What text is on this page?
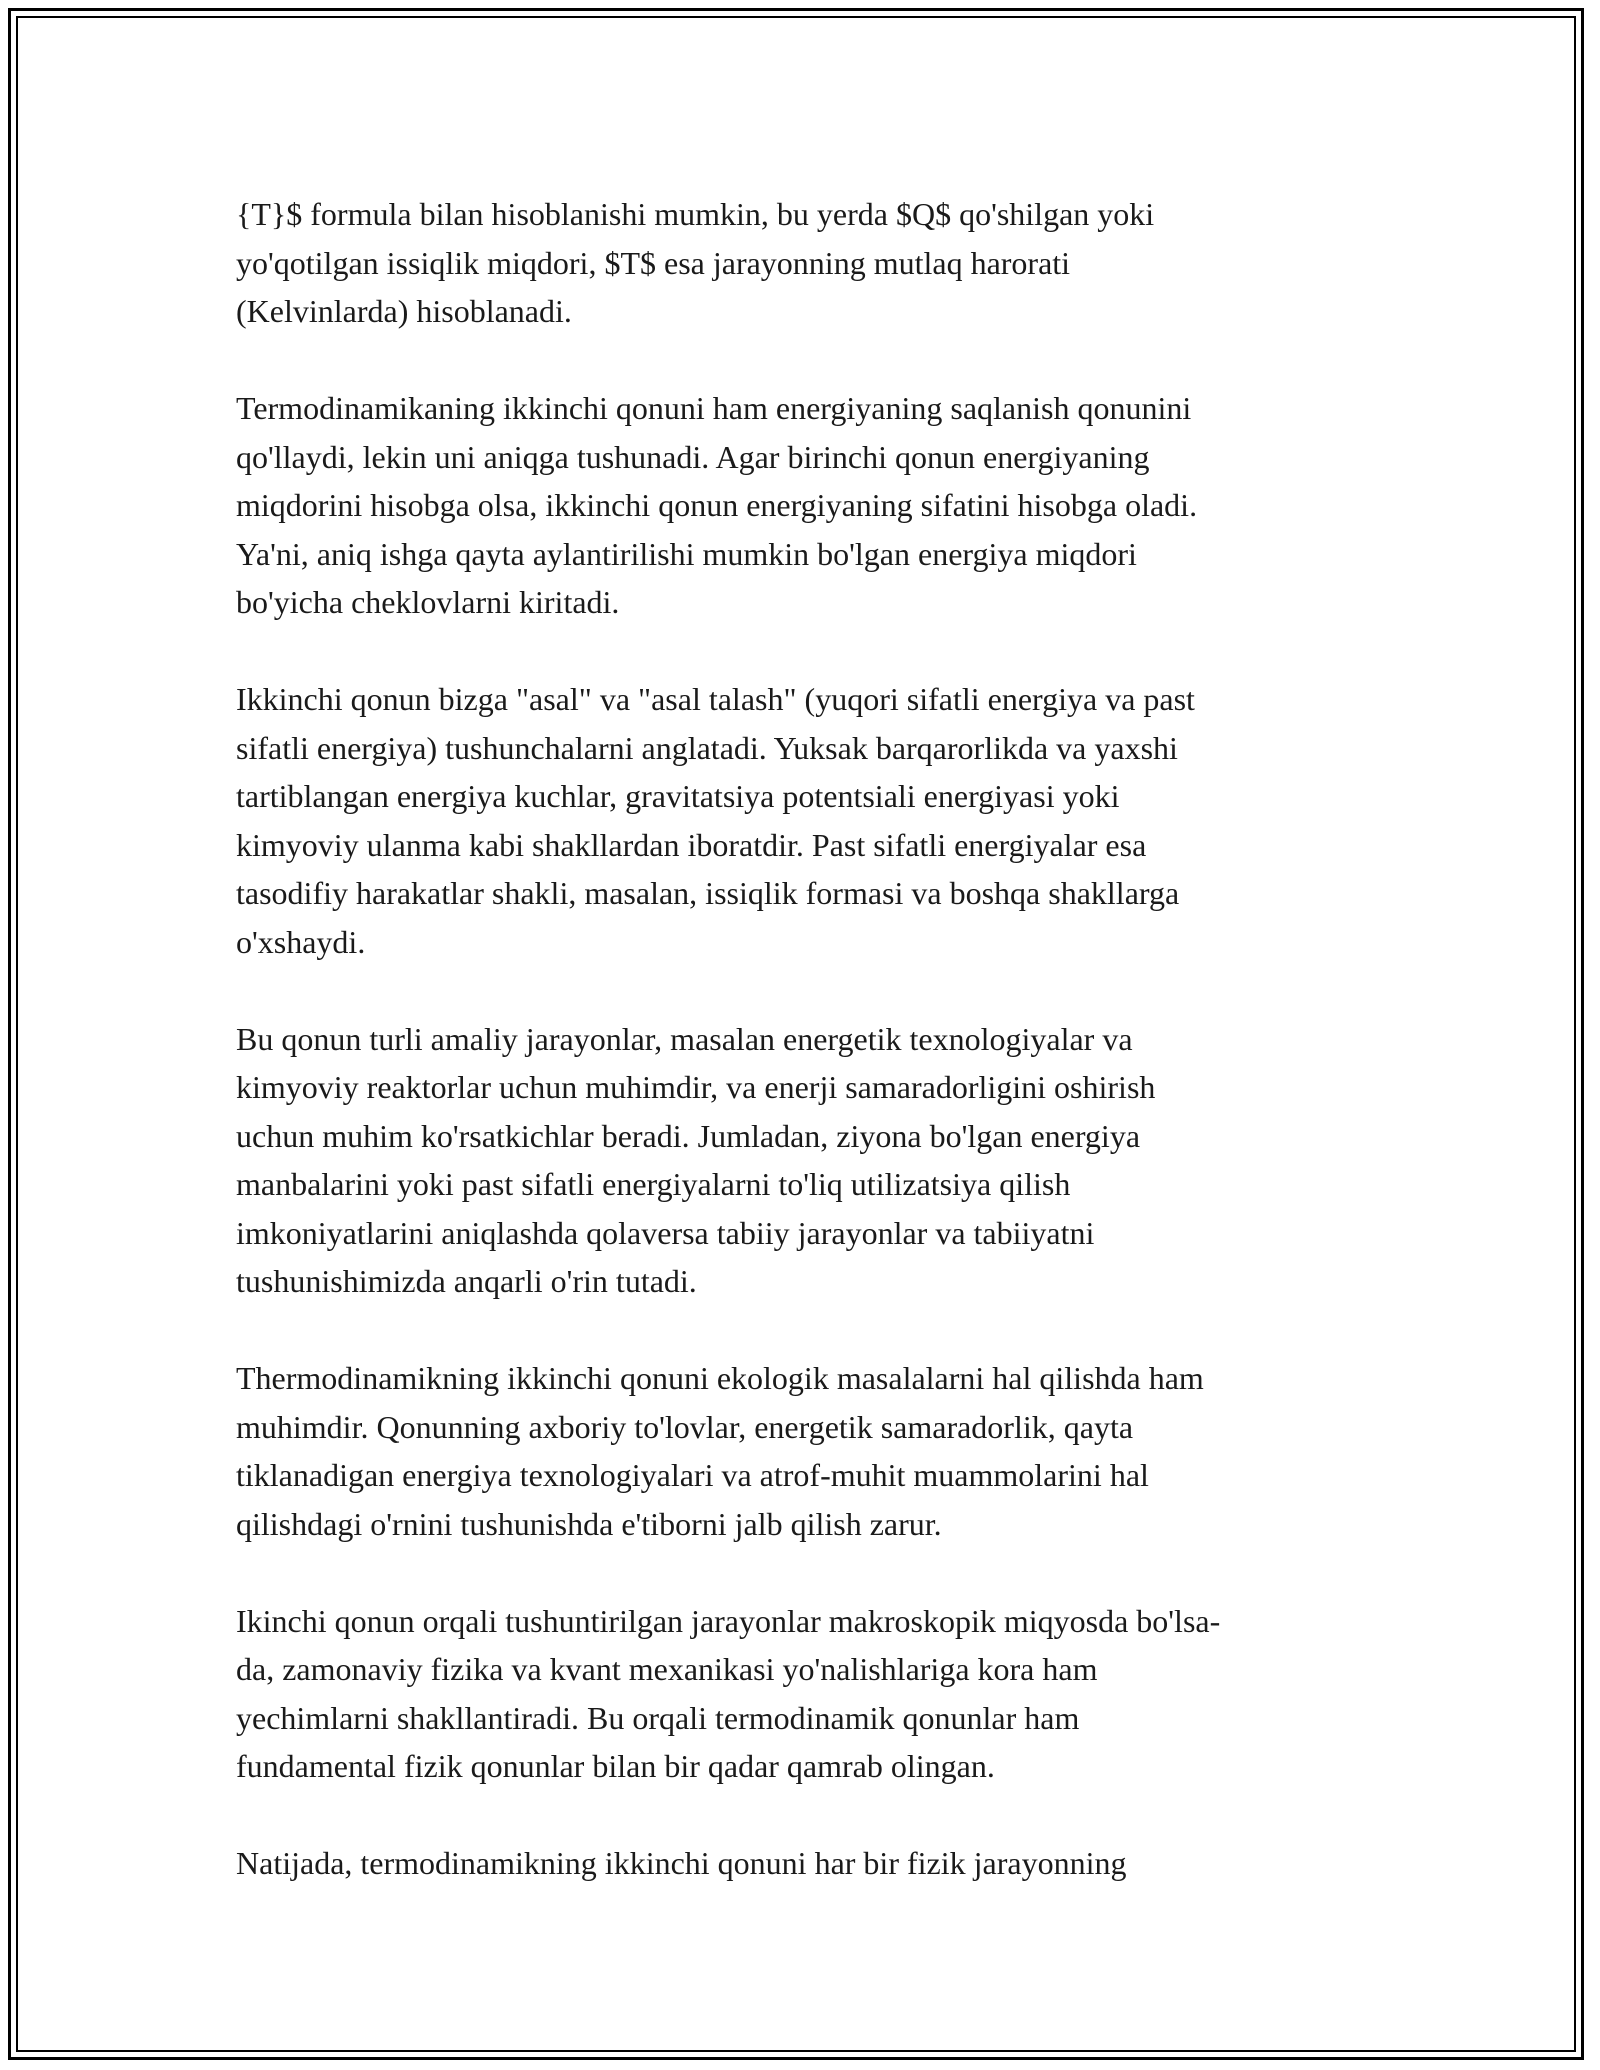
{T}$ formula bilan hisoblanishi mumkin, bu yerda $Q$ qo'shilgan yoki
yo'qotilgan issiqlik miqdori, $T$ esa jarayonning mutlaq harorati
(Kelvinlarda) hisoblanadi.

Termodinamikaning ikkinchi qonuni ham energiyaning saqlanish qonunini
qo'llaydi, lekin uni aniqga tushunadi. Agar birinchi qonun energiyaning
miqdorini hisobga olsa, ikkinchi qonun energiyaning sifatini hisobga oladi.
Ya'ni, aniq ishga qayta aylantirilishi mumkin bo'lgan energiya miqdori
bo'yicha cheklovlarni kiritadi.

Ikkinchi qonun bizga "asal" va "asal talash" (yuqori sifatli energiya va past
sifatli energiya) tushunchalarni anglatadi. Yuksak barqarorlikda va yaxshi
tartiblangan energiya kuchlar, gravitatsiya potentsiali energiyasi yoki
kimyoviy ulanma kabi shakllardan iboratdir. Past sifatli energiyalar esa
tasodifiy harakatlar shakli, masalan, issiqlik formasi va boshqa shakllarga
o'xshaydi.

Bu qonun turli amaliy jarayonlar, masalan energetik texnologiyalar va
kimyoviy reaktorlar uchun muhimdir, va enerji samaradorligini oshirish
uchun muhim ko'rsatkichlar beradi. Jumladan, ziyona bo'lgan energiya
manbalarini yoki past sifatli energiyalarni to'liq utilizatsiya qilish
imkoniyatlarini aniqlashda qolaversa tabiiy jarayonlar va tabiiyatni
tushunishimizda anqarli o'rin tutadi.

Thermodinamikning ikkinchi qonuni ekologik masalalarni hal qilishda ham
muhimdir. Qonunning axboriy to'lovlar, energetik samaradorlik, qayta
tiklanadigan energiya texnologiyalari va atrof-muhit muammolarini hal
qilishdagi o'rnini tushunishda e'tiborni jalb qilish zarur.

Ikinchi qonun orqali tushuntirilgan jarayonlar makroskopik miqyosda bo'lsa-
da, zamonaviy fizika va kvant mexanikasi yo'nalishlariga kora ham
yechimlarni shakllantiradi. Bu orqali termodinamik qonunlar ham
fundamental fizik qonunlar bilan bir qadar qamrab olingan.

Natijada, termodinamikning ikkinchi qonuni har bir fizik jarayonning
